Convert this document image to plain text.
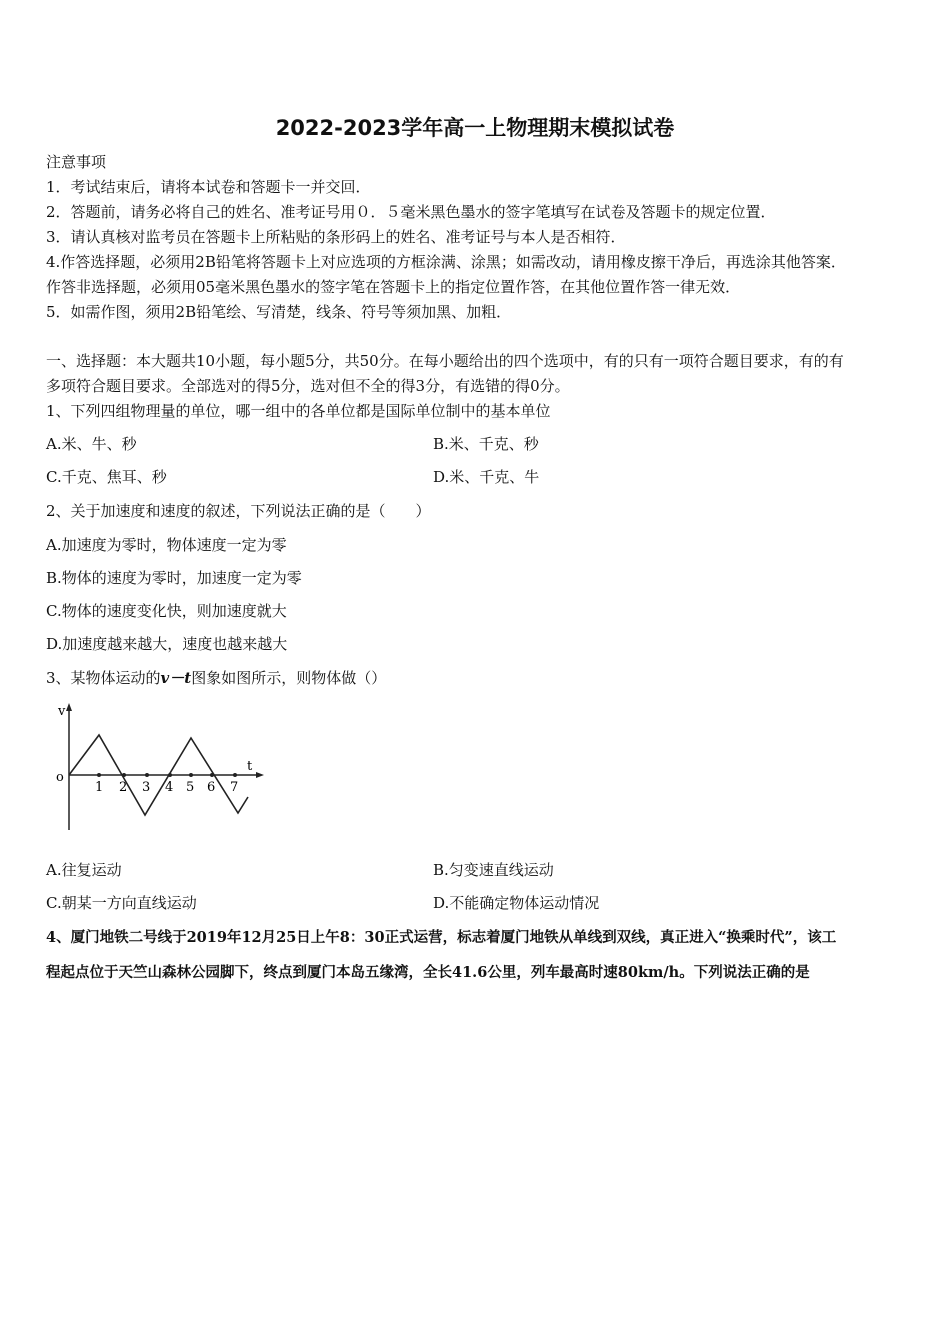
2022-2023学年高一上物理期末模拟试卷
注意事项
1．考试结束后，请将本试卷和答题卡一并交回．
2．答题前，请务必将自己的姓名、准考证号用０．５毫米黑色墨水的签字笔填写在试卷及答题卡的规定位置．
3．请认真核对监考员在答题卡上所粘贴的条形码上的姓名、准考证号与本人是否相符．
4.作答选择题，必须用2B铅笔将答题卡上对应选项的方框涂满、涂黑；如需改动，请用橡皮擦干净后，再选涂其他答案．
作答非选择题，必须用05毫米黑色墨水的签字笔在答题卡上的指定位置作答，在其他位置作答一律无效．
5．如需作图，须用2B铅笔绘、写清楚，线条、符号等须加黑、加粗．
一、选择题：本大题共10小题，每小题5分，共50分。在每小题给出的四个选项中，有的只有一项符合题目要求，有的有
多项符合题目要求。全部选对的得5分，选对但不全的得3分，有选错的得0分。
1、下列四组物理量的单位，哪一组中的各单位都是国际单位制中的基本单位
A.米、牛、秒	B.米、千克、秒
C.千克、焦耳、秒	D.米、千克、牛
2、关于加速度和速度的叙述，下列说法正确的是（　　）
A.加速度为零时，物体速度一定为零
B.物体的速度为零时，加速度一定为零
C.物体的速度变化快，则加速度就大
D.加速度越来越大，速度也越来越大
3、某物体运动的v－t图象如图所示，则物体做（）
v
t
o
1 2 3 4 5 6 7
A.往复运动	B.匀变速直线运动
C.朝某一方向直线运动	D.不能确定物体运动情况
4、厦门地铁二号线于2019年12月25日上午8：30正式运营，标志着厦门地铁从单线到双线，真正进入“换乘时代”，该工
程起点位于天竺山森林公园脚下，终点到厦门本岛五缘湾，全长41.6公里，列车最高时速80km/h。下列说法正确的是
